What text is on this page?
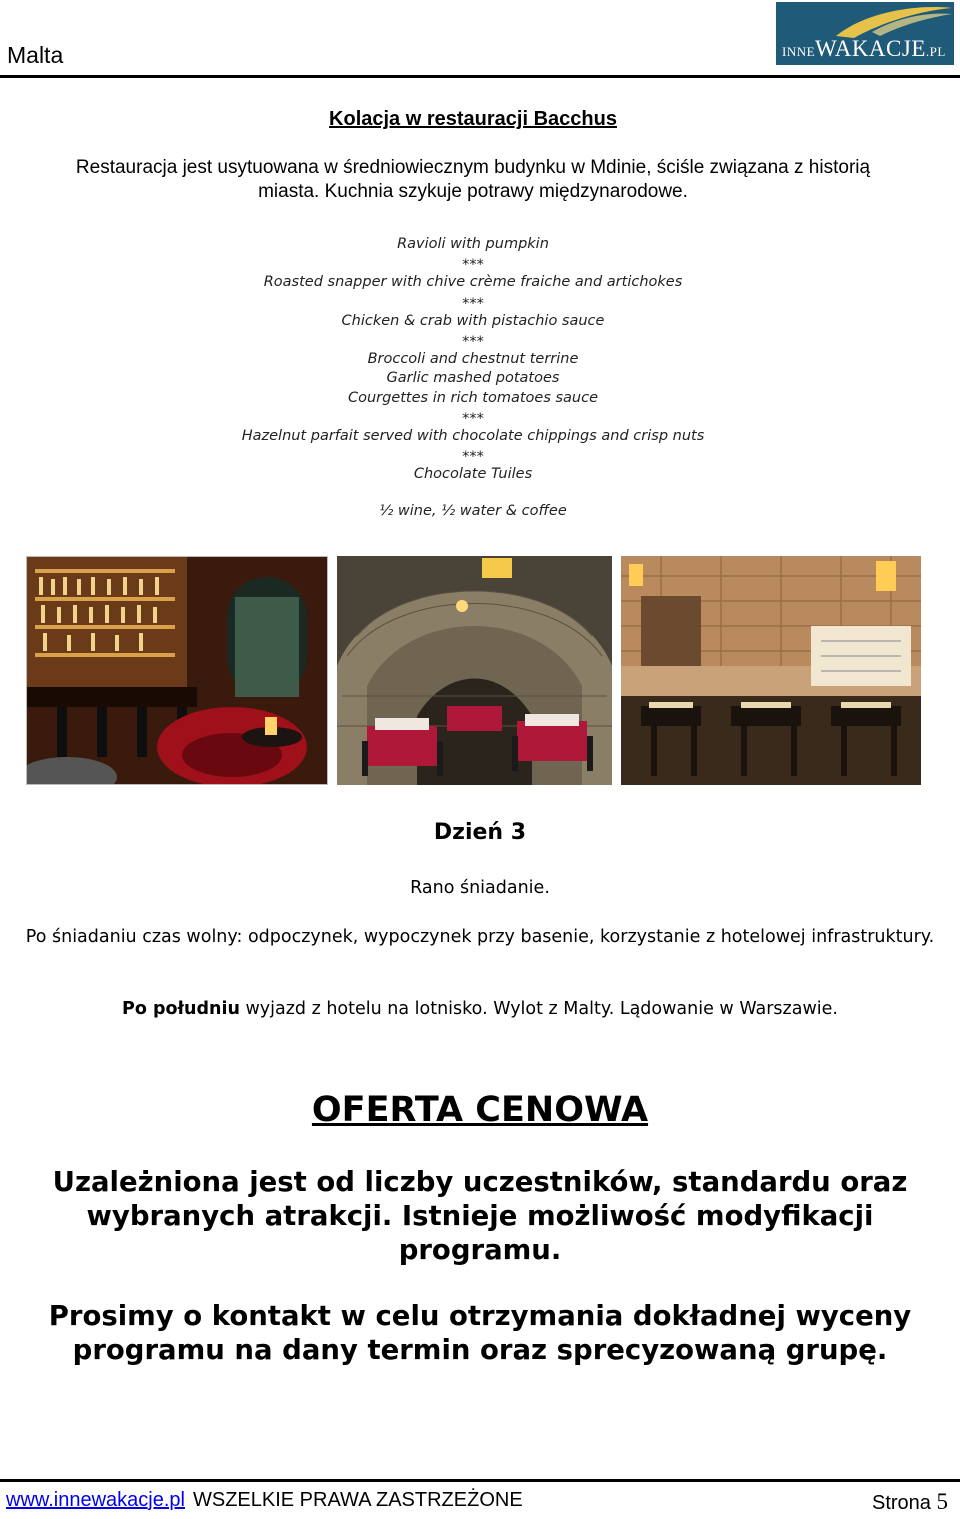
Malta	INNEWAKACJE.PL
Kolacja w restauracji Bacchus
Restauracja jest usytuowana w średniowiecznym budynku w Mdinie, ściśle związana z historią
miasta. Kuchnia szykuje potrawy międzynarodowe.
Ravioli with pumpkin
***
Roasted snapper with chive crème fraiche and artichokes
***
Chicken & crab with pistachio sauce
***
Broccoli and chestnut terrine
Garlic mashed potatoes
Courgettes in rich tomatoes sauce
***
Hazelnut parfait served with chocolate chippings and crisp nuts
***
Chocolate Tuiles
½ wine, ½ water & coffee
Dzień 3
Rano śniadanie.
Po śniadaniu czas wolny: odpoczynek, wypoczynek przy basenie, korzystanie z hotelowej infrastruktury.
Po południu wyjazd z hotelu na lotnisko. Wylot z Malty. Lądowanie w Warszawie.
OFERTA CENOWA
Uzależniona jest od liczby uczestników, standardu oraz wybranych atrakcji. Istnieje możliwość modyfikacji programu.
Prosimy o kontakt w celu otrzymania dokładnej wyceny programu na dany termin oraz sprecyzowaną grupę.
www.innewakacje.pl WSZELKIE PRAWA ZASTRZEŻONE	Strona 5
